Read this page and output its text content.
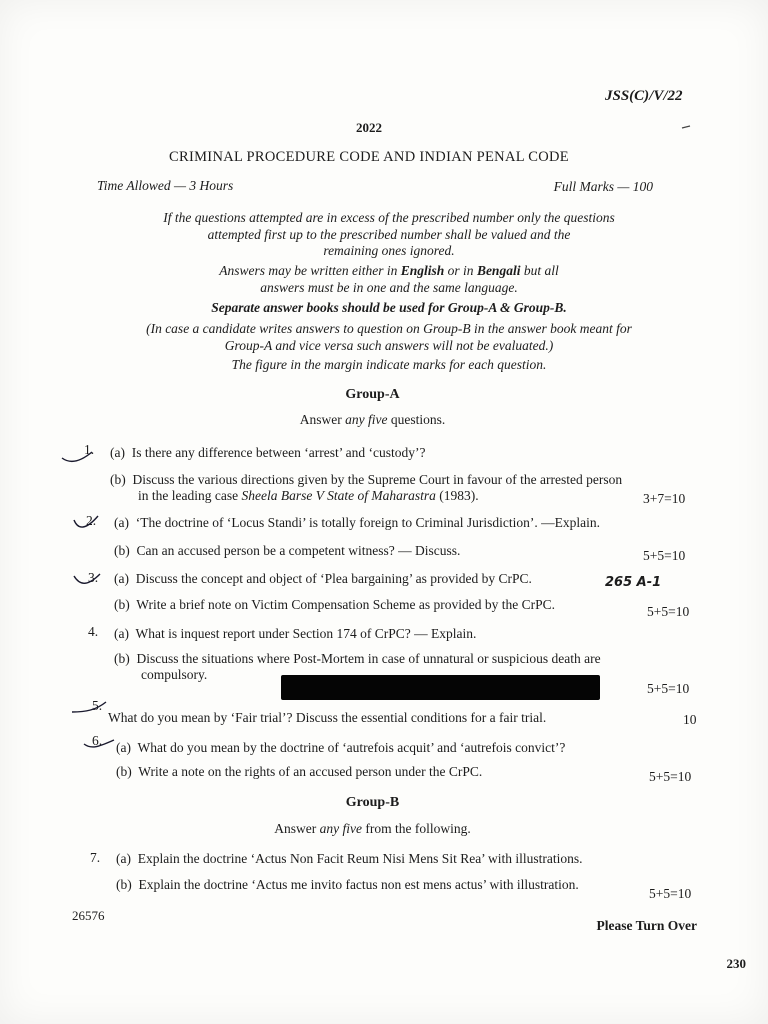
JSS(C)/V/22
2022
CRIMINAL PROCEDURE CODE AND INDIAN PENAL CODE
Time Allowed — 3 Hours	Full Marks — 100
If the questions attempted are in excess of the prescribed number only the questions
attempted first up to the prescribed number shall be valued and the
remaining ones ignored.
Answers may be written either in English or in Bengali but all
answers must be in one and the same language.
Separate answer books should be used for Group-A & Group-B.
(In case a candidate writes answers to question on Group-B in the answer book meant for
Group-A and vice versa such answers will not be evaluated.)
The figure in the margin indicate marks for each question.
Group-A
Answer any five questions.
1. (a) Is there any difference between ‘arrest’ and ‘custody’?
(b) Discuss the various directions given by the Supreme Court in favour of the arrested person
in the leading case Sheela Barse V State of Maharastra (1983).	3+7=10
2. (a) ‘The doctrine of ‘Locus Standi’ is totally foreign to Criminal Jurisdiction’. —Explain.
(b) Can an accused person be a competent witness? — Discuss.	5+5=10
3. (a) Discuss the concept and object of ‘Plea bargaining’ as provided by CrPC.	265 A-1
(b) Write a brief note on Victim Compensation Scheme as provided by the CrPC.	5+5=10
4. (a) What is inquest report under Section 174 of CrPC? — Explain.
(b) Discuss the situations where Post-Mortem in case of unnatural or suspicious death are
compulsory.
5+5=10
5.
What do you mean by ‘Fair trial’? Discuss the essential conditions for a fair trial.	10
6. (a) What do you mean by the doctrine of ‘autrefois acquit’ and ‘autrefois convict’?
(b) Write a note on the rights of an accused person under the CrPC.	5+5=10
Group-B
Answer any five from the following.
7. (a) Explain the doctrine ‘Actus Non Facit Reum Nisi Mens Sit Rea’ with illustrations.
(b) Explain the doctrine ‘Actus me invito factus non est mens actus’ with illustration.
5+5=10
26576
Please Turn Over
230
